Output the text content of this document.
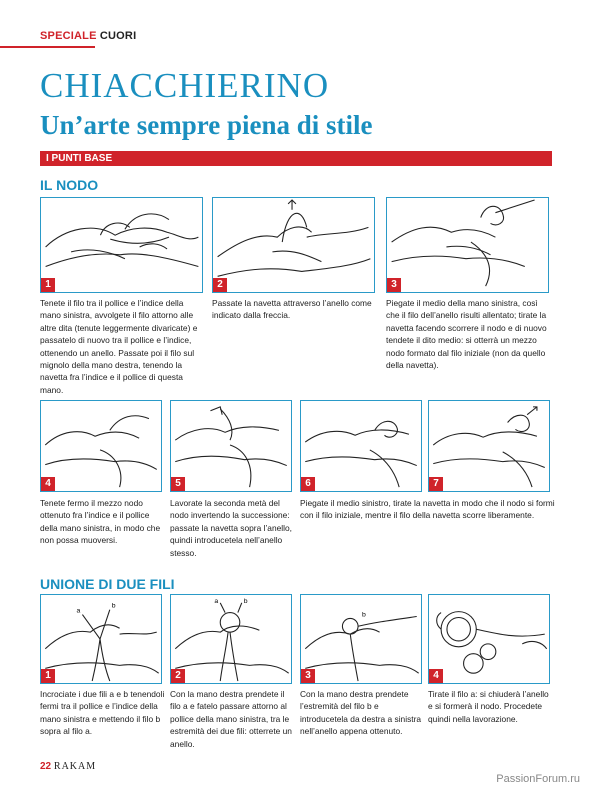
SPECIALE CUORI
CHIACCHIERINO
Un’arte sempre piena di stile
I PUNTI BASE
IL NODO
1	2	3
Tenete il filo tra il pollice e l’indice della mano sinistra, avvolgete il filo attorno alle altre dita (tenute leggermente divaricate) e passatelo di nuovo tra il pollice e l’indice, ottenendo un anello. Passate poi il filo sul mignolo della mano destra, tenendo la navetta fra l’indice e il pollice di questa mano.
Passate la navetta attraverso l’anello come indicato dalla freccia.
Piegate il medio della mano sinistra, così che il filo dell’anello risulti allentato; tirate la navetta facendo scorrere il nodo e di nuovo tendete il dito medio: si otterrà un mezzo nodo formato dal filo iniziale (non da quello della navetta).
4	5	6	7
Tenete fermo il mezzo nodo ottenuto fra l’indice e il pollice della mano sinistra, in modo che non possa muoversi.
Lavorate la seconda metà del nodo invertendo la successione: passate la navetta sopra l’anello, quindi introducetela nell’anello stesso.
Piegate il medio sinistro, tirate la navetta in modo che il nodo si formi con il filo iniziale, mentre il filo della navetta scorre liberamente.
UNIONE DI DUE FILI
a
b
1
a	b
2
b
3	4
Incrociate i due fili a e b tenendoli fermi tra il pollice e l’indice della mano sinistra e mettendo il filo b sopra al filo a.
Con la mano destra prendete il filo a e fatelo passare attorno al pollice della mano sinistra, tra le estremità dei due fili: otterrete un anello.
Con la mano destra prendete l’estremità del filo b e introducetela da destra a sinistra nell’anello appena ottenuto.
Tirate il filo a: si chiuderà l’anello e si formerà il nodo. Procedete quindi nella lavorazione.
22 RAKAM
PassionForum.ru
